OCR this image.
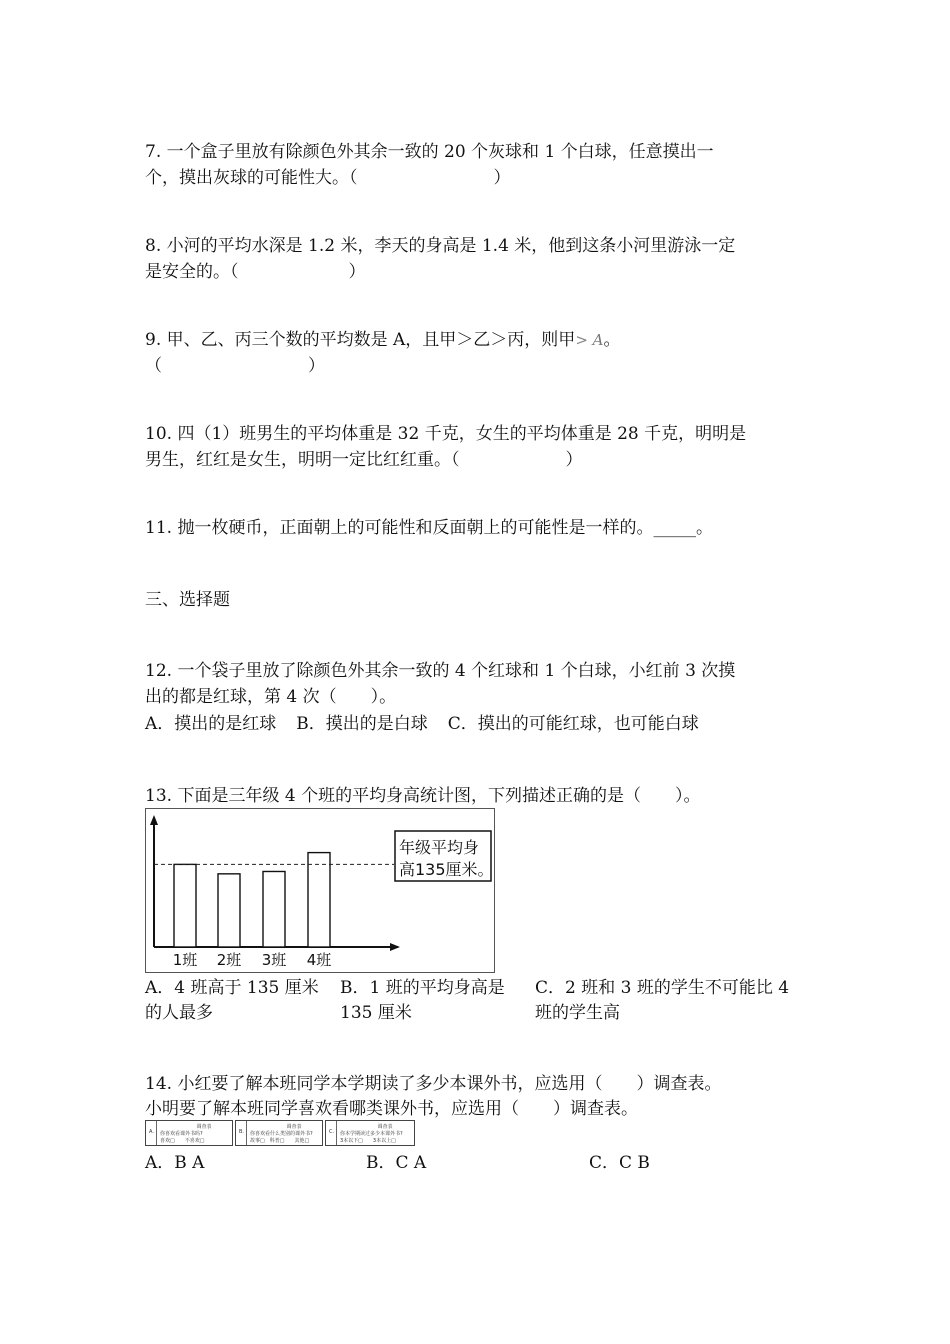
7. 一个盒子里放有除颜色外其余一致的 20 个灰球和 1 个白球，任意摸出一
个，摸出灰球的可能性大。（	）
8. 小河的平均水深是 1.2 米，李天的身高是 1.4 米，他到这条小河里游泳一定
是安全的。（	）
9. 甲、乙、丙三个数的平均数是 A，且甲＞乙＞丙，则甲> A。
（	）
10. 四（1）班男生的平均体重是 32 千克，女生的平均体重是 28 千克，明明是
男生，红红是女生，明明一定比红红重。（	）
11. 抛一枚硬币，正面朝上的可能性和反面朝上的可能性是一样的。_____。
三、选择题
12. 一个袋子里放了除颜色外其余一致的 4 个红球和 1 个白球，小红前 3 次摸
出的都是红球，第 4 次（　　）。
A．摸出的是红球 B．摸出的是白球 C．摸出的可能红球，也可能白球
13. 下面是三年级 4 个班的平均身高统计图，下列描述正确的是（　　）。
1班 2班 3班 4班
年级平均身
高135厘米。
A．4 班高于 135 厘米
的人最多
B．1 班的平均身高是
135 厘米
C．2 班和 3 班的学生不可能比 4
班的学生高
14. 小红要了解本班同学本学期读了多少本课外书，应选用（　　）调查表。
小明要了解本班同学喜欢看哪类课外书，应选用（　　）调查表。
A.
调查表
你喜欢看课外书吗?
喜欢□　　不喜欢□
B.
调查表
你喜欢看什么类别的课外书?
故事□　科普□　　其他□
C.
调查表
你本学期读过多少本课外书?
3本以下□　　3本以上□
A．B A	B．C A	C．C B
